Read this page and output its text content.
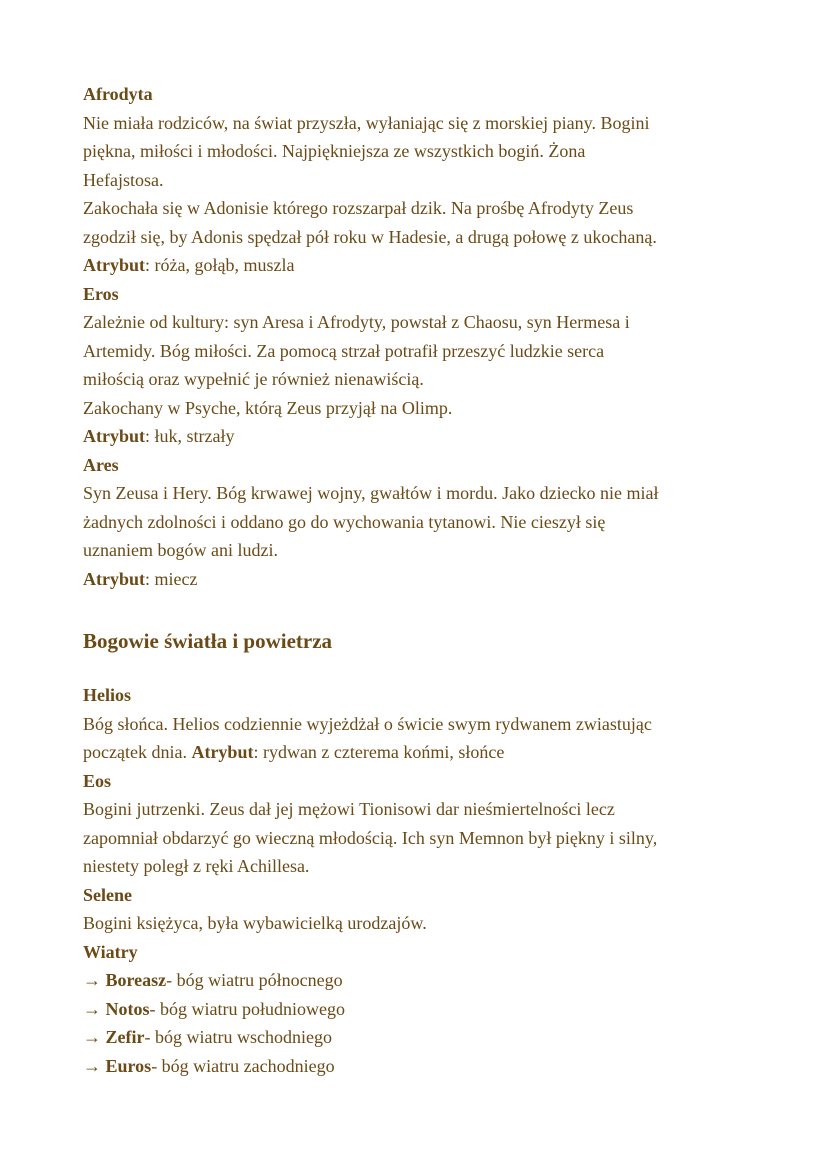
Afrodyta

Nie miała rodziców, na świat przyszła, wyłaniając się z morskiej piany. Bogini

piękna, miłości i młodości. Najpiękniejsza ze wszystkich bogiń. Żona

Hefajstosa.

Zakochała się w Adonisie którego rozszarpał dzik. Na prośbę Afrodyty Zeus

zgodził się, by Adonis spędzał pół roku w Hadesie, a drugą połowę z ukochaną.

Atrybut: róża, gołąb, muszla

Eros

Zależnie od kultury: syn Aresa i Afrodyty, powstał z Chaosu, syn Hermesa i

Artemidy. Bóg miłości. Za pomocą strzał potrafił przeszyć ludzkie serca

miłością oraz wypełnić je również nienawiścią.

Zakochany w Psyche, którą Zeus przyjął na Olimp.

Atrybut: łuk, strzały

Ares

Syn Zeusa i Hery. Bóg krwawej wojny, gwałtów i mordu. Jako dziecko nie miał

żadnych zdolności i oddano go do wychowania tytanowi. Nie cieszył się

uznaniem bogów ani ludzi.

Atrybut: miecz

Bogowie światła i powietrza

Helios

Bóg słońca. Helios codziennie wyjeżdżał o świcie swym rydwanem zwiastując

początek dnia. Atrybut: rydwan z czterema końmi, słońce

Eos

Bogini jutrzenki. Zeus dał jej mężowi Tionisowi dar nieśmiertelności lecz

zapomniał obdarzyć go wieczną młodością. Ich syn Memnon był piękny i silny,

niestety poległ z ręki Achillesa.

Selene

Bogini księżyca, była wybawicielką urodzajów.

Wiatry

→ Boreasz- bóg wiatru północnego

→ Notos- bóg wiatru południowego

→ Zefir- bóg wiatru wschodniego

→ Euros- bóg wiatru zachodniego
